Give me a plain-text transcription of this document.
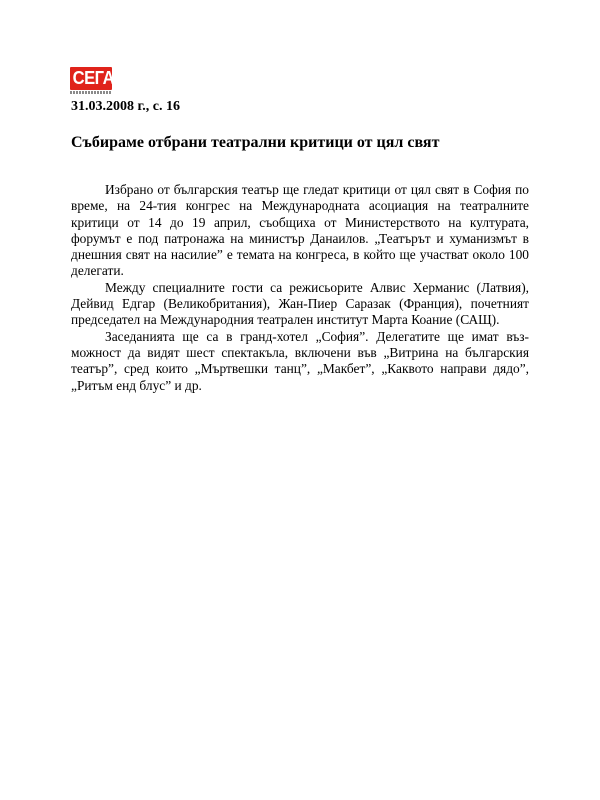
СЕГА
31.03.2008 г., с. 16
Събираме отбрани театрални критици от цял свят

Избрано от българския театър ще гледат критици от цял свят в София по време, на 24-тия конгрес на Международната асоциация на театралните критици от 14 до 19 април, съобщиха от Министерството на културата, форумът е под патронажа на министър Данаилов. „Театърът и хуманизмът в днешния свят на насилие” е темата на конгреса, в който ще участват около 100 делегати.

Между специалните гости са режисьорите Алвис Херманис (Латвия), Дейвид Едгар (Великобритания), Жан-Пиер Саразак (Франция), почетният председател на Международния театрален институт Марта Коание (САЩ).

Заседанията ще са в гранд-хотел „София”. Делегатите ще имат въз-можност да видят шест спектакъла, включени във „Витрина на българския театър”, сред които „Мъртвешки танц”, „Макбет”, „Каквото направи дядо”, „Ритъм енд блус” и др.
